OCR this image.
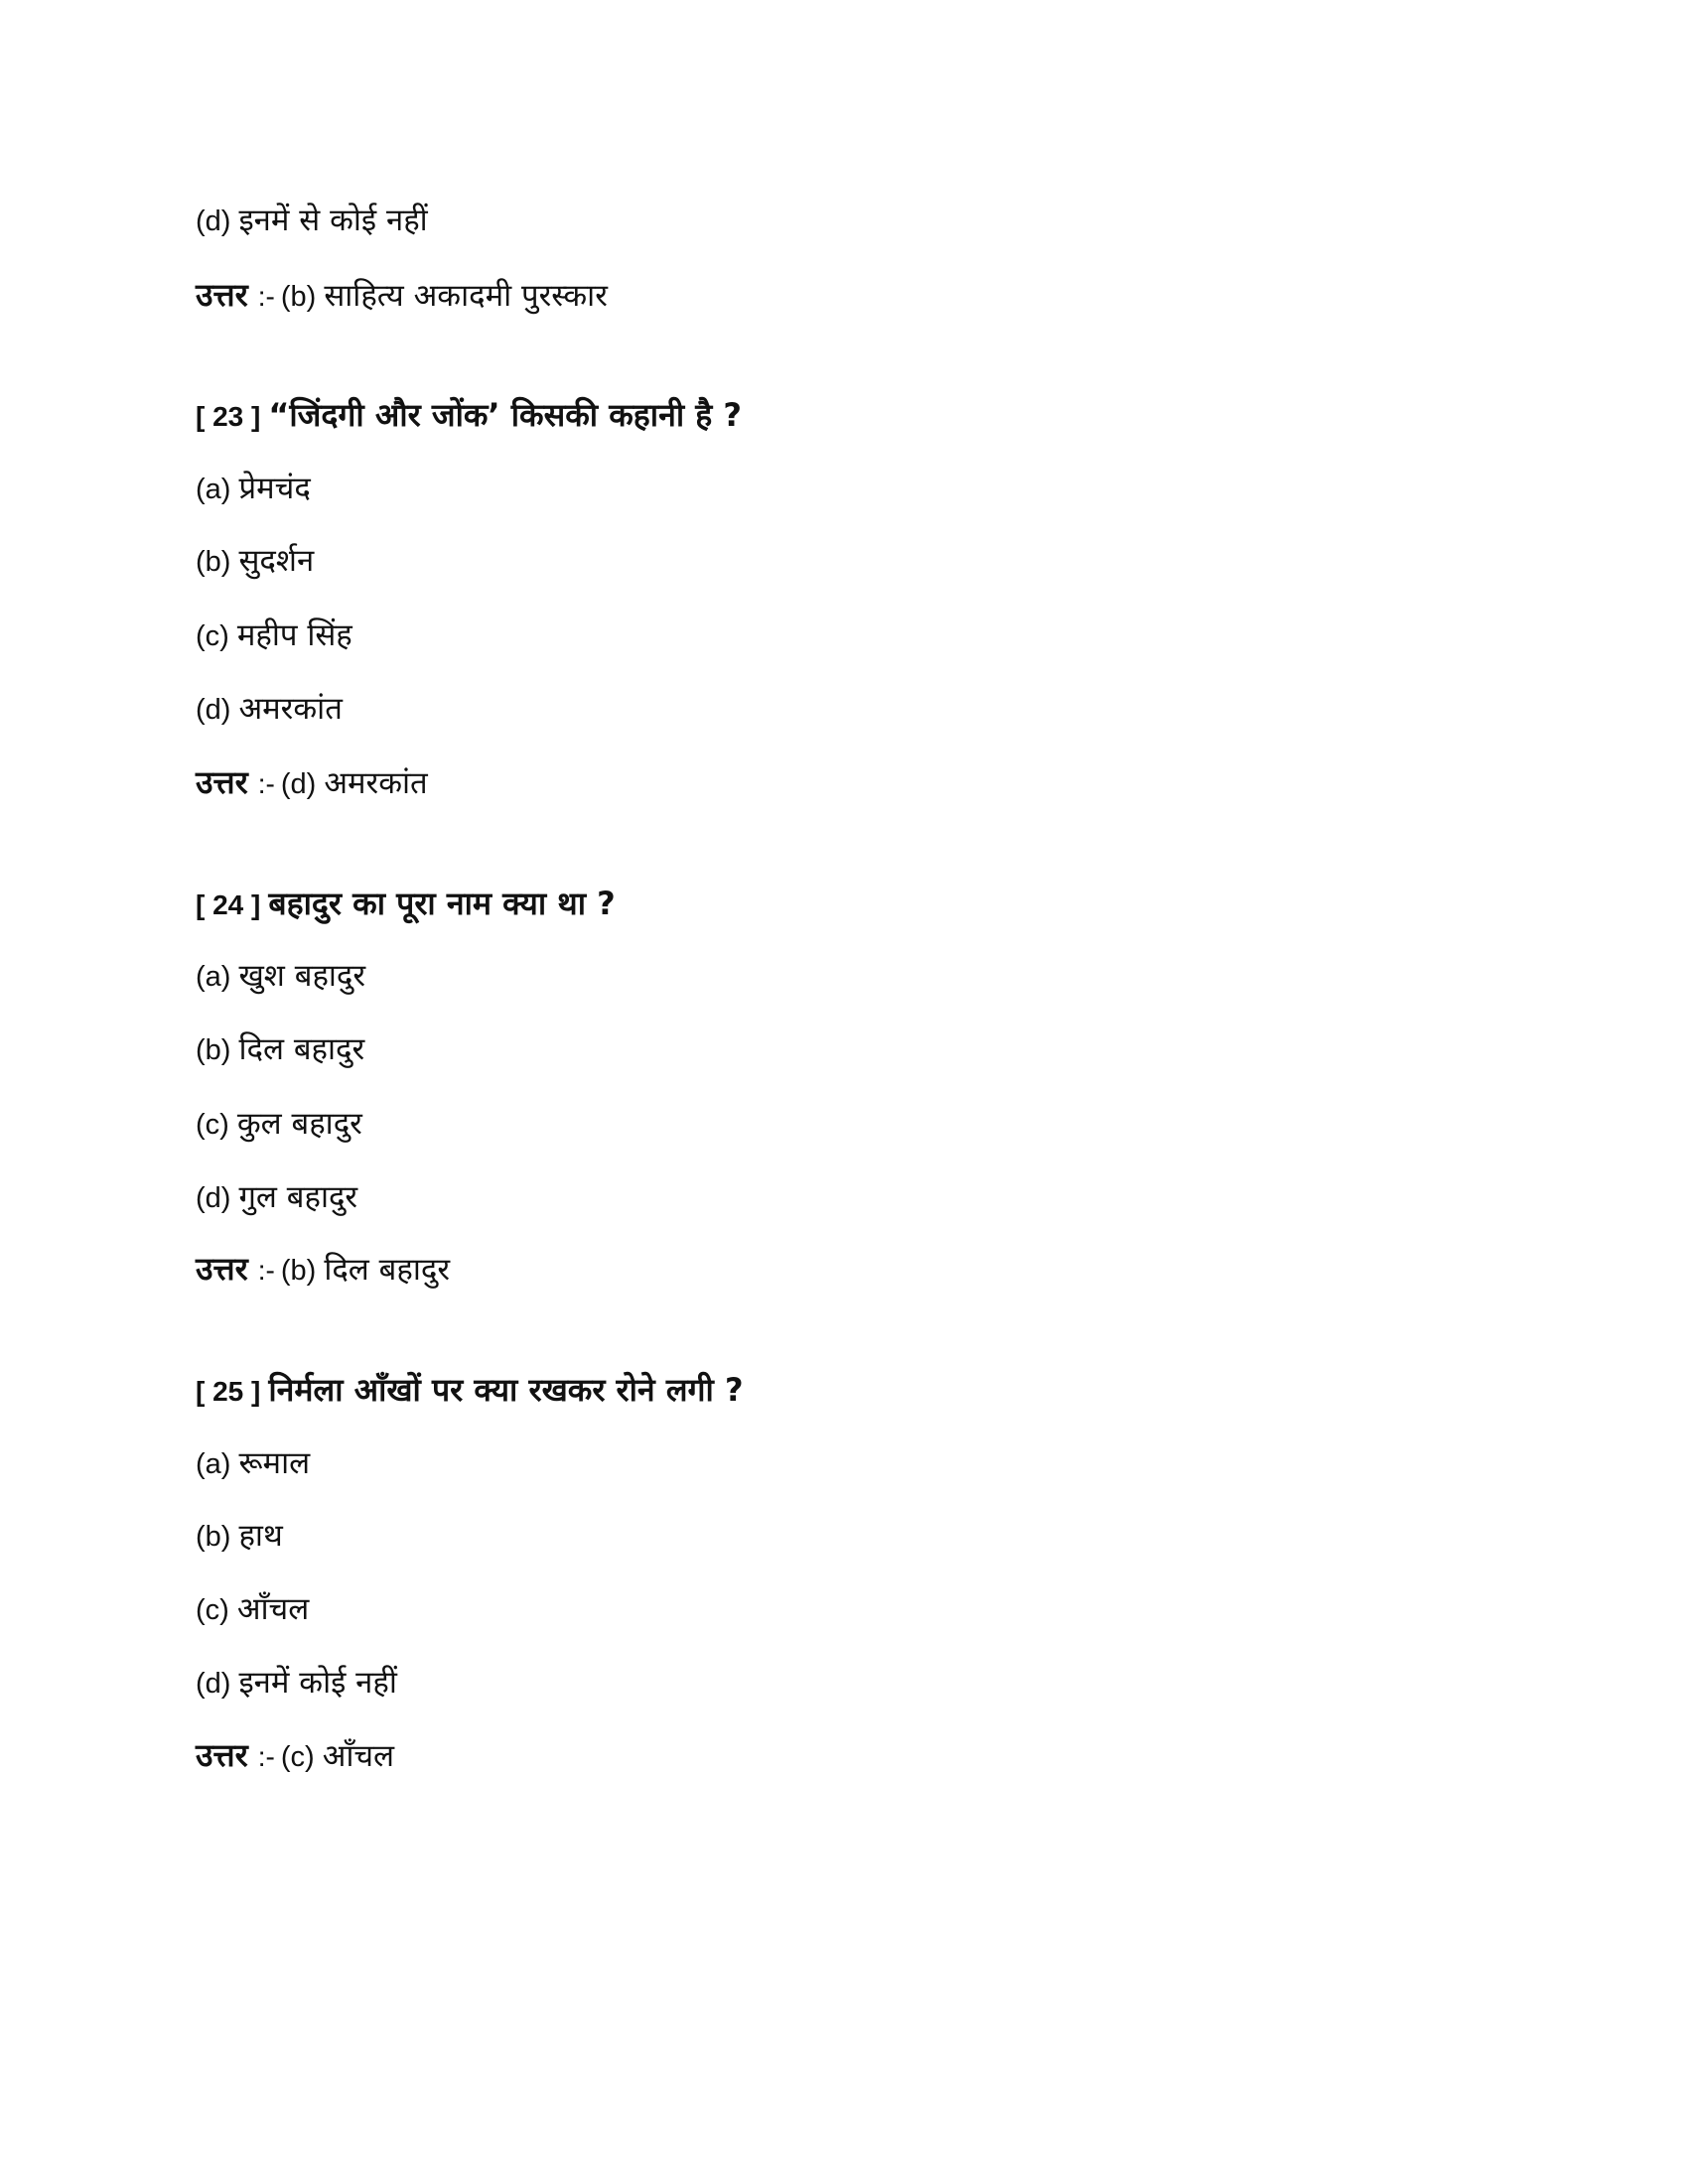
(d) इनमें से कोई नहीं
उत्तर :- (b) साहित्य अकादमी पुरस्कार
[ 23 ] “जिंदगी और जोंक’ किसकी कहानी है ?
(a) प्रेमचंद
(b) सुदर्शन
(c) महीप सिंह
(d) अमरकांत
उत्तर :- (d) अमरकांत
[ 24 ] बहादुर का पूरा नाम क्या था ?
(a) खुश बहादुर
(b) दिल बहादुर
(c) कुल बहादुर
(d) गुल बहादुर
उत्तर :- (b) दिल बहादुर
[ 25 ] निर्मला आँखों पर क्या रखकर रोने लगी ?
(a) रूमाल
(b) हाथ
(c) आँचल
(d) इनमें कोई नहीं
उत्तर :- (c) आँचल
